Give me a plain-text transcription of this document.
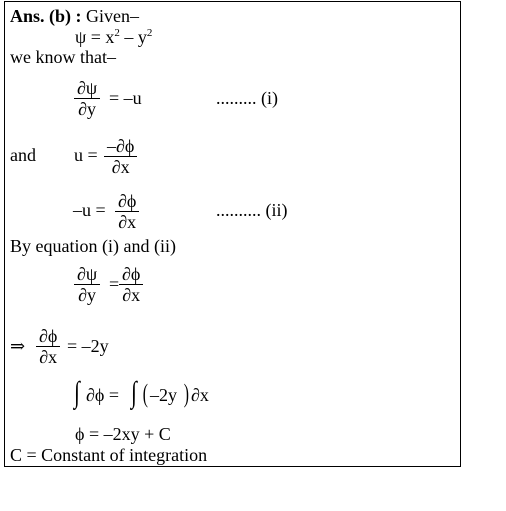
Ans. (b) : Given–
$\psi = x^2 - y^2$
we know that–
$\frac{\partial\psi}{\partial y} = -u$	......... (i)
and $u = \frac{-\partial\phi}{\partial x}$
$-u = \frac{\partial\phi}{\partial x}$	.......... (ii)
By equation (i) and (ii)
$\frac{\partial\psi}{\partial y} = \frac{\partial\phi}{\partial x}$
⇒ $\frac{\partial\phi}{\partial x} = -2y$
∫ ∂ϕ = ∫ ( –2y ) ∂x
ϕ = –2xy + C
C = Constant of integration
